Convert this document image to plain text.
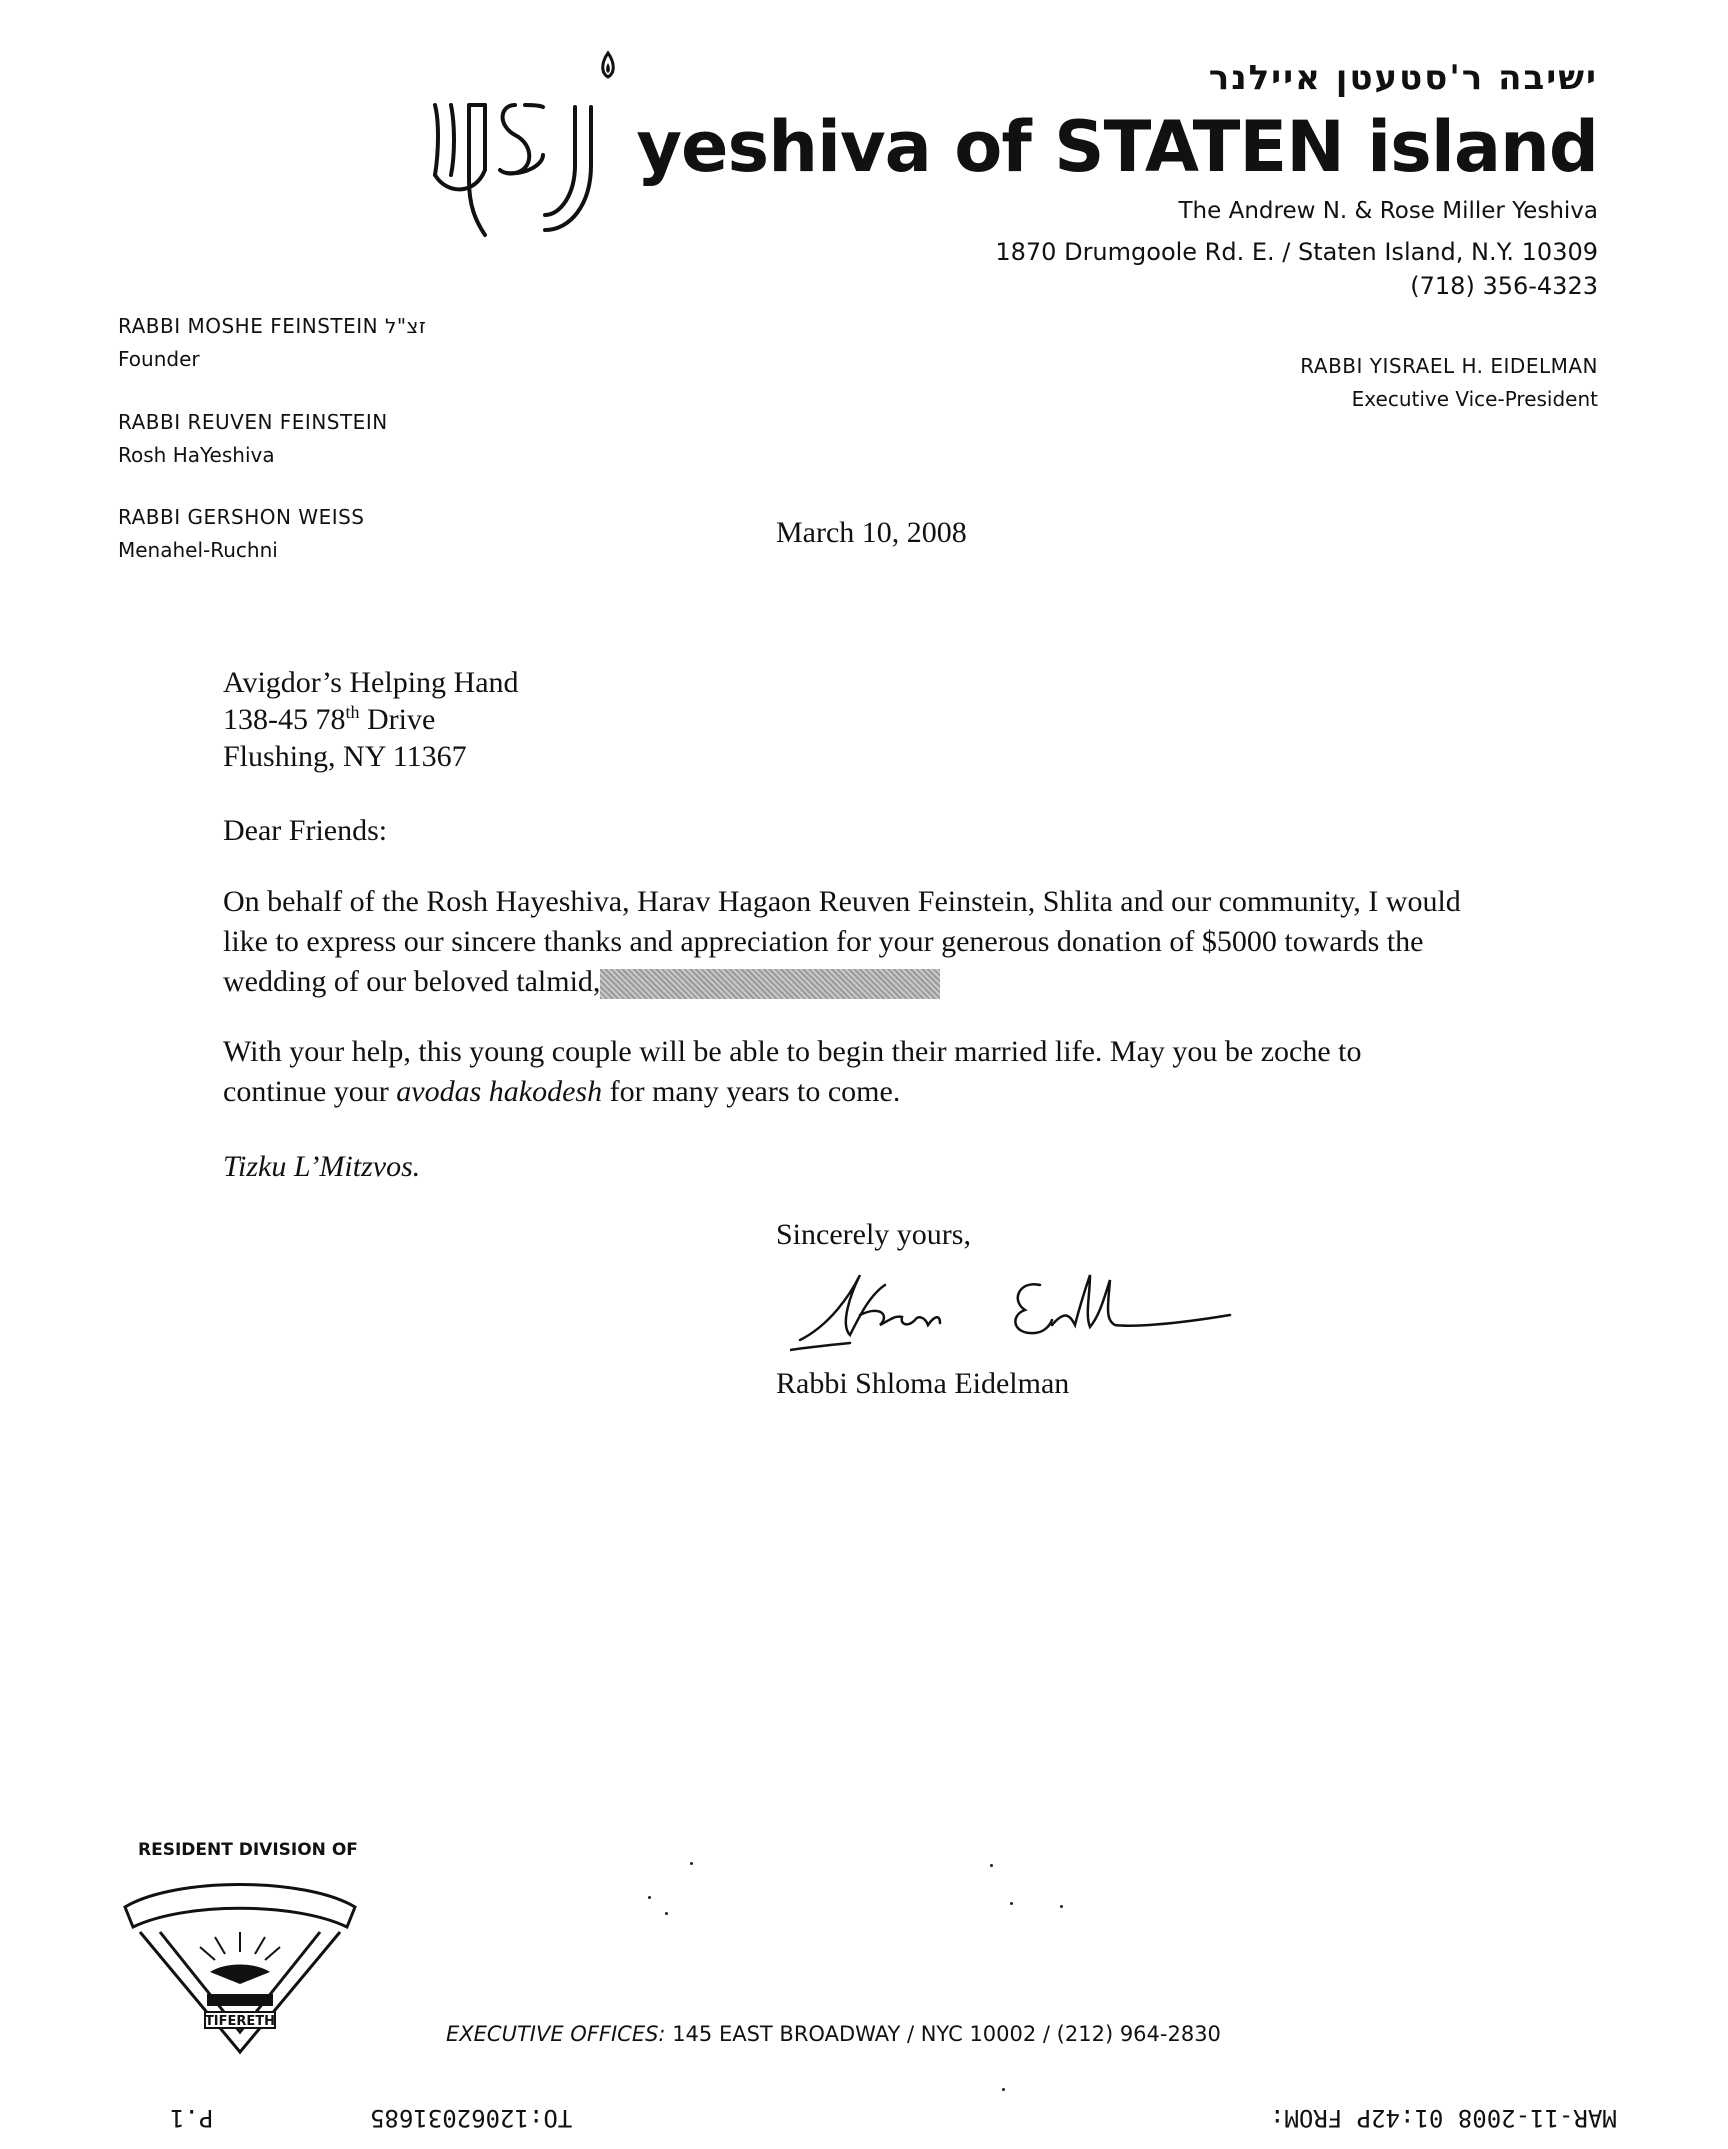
ישיבה ר'סטעטן איילנר
yeshiva of STATEN island
The Andrew N. & Rose Miller Yeshiva
1870 Drumgoole Rd. E. / Staten Island, N.Y. 10309
(718) 356-4323
RABBI YISRAEL H. EIDELMAN
Executive Vice-President
RABBI MOSHE FEINSTEIN זצ"ל
Founder
RABBI REUVEN FEINSTEIN
Rosh HaYeshiva
RABBI GERSHON WEISS
Menahel-Ruchni
March 10, 2008
Avigdor’s Helping Hand
138-45 78th Drive
Flushing, NY 11367
Dear Friends:
On behalf of the Rosh Hayeshiva, Harav Hagaon Reuven Feinstein, Shlita and our community, I would like to express our sincere thanks and appreciation for your generous donation of $5000 towards the wedding of our beloved talmid,
With your help, this young couple will be able to begin their married life. May you be zoche to continue your avodas hakodesh for many years to come.
Tizku L’Mitzvos.
Sincerely yours,
Rabbi Shloma Eidelman
RESIDENT DIVISION OF
TIFERETH
EXECUTIVE OFFICES: 145 EAST BROADWAY / NYC 10002 / (212) 964-2830
P.1	TO:12062031685	MAR-11-2008 01:42P FROM:
